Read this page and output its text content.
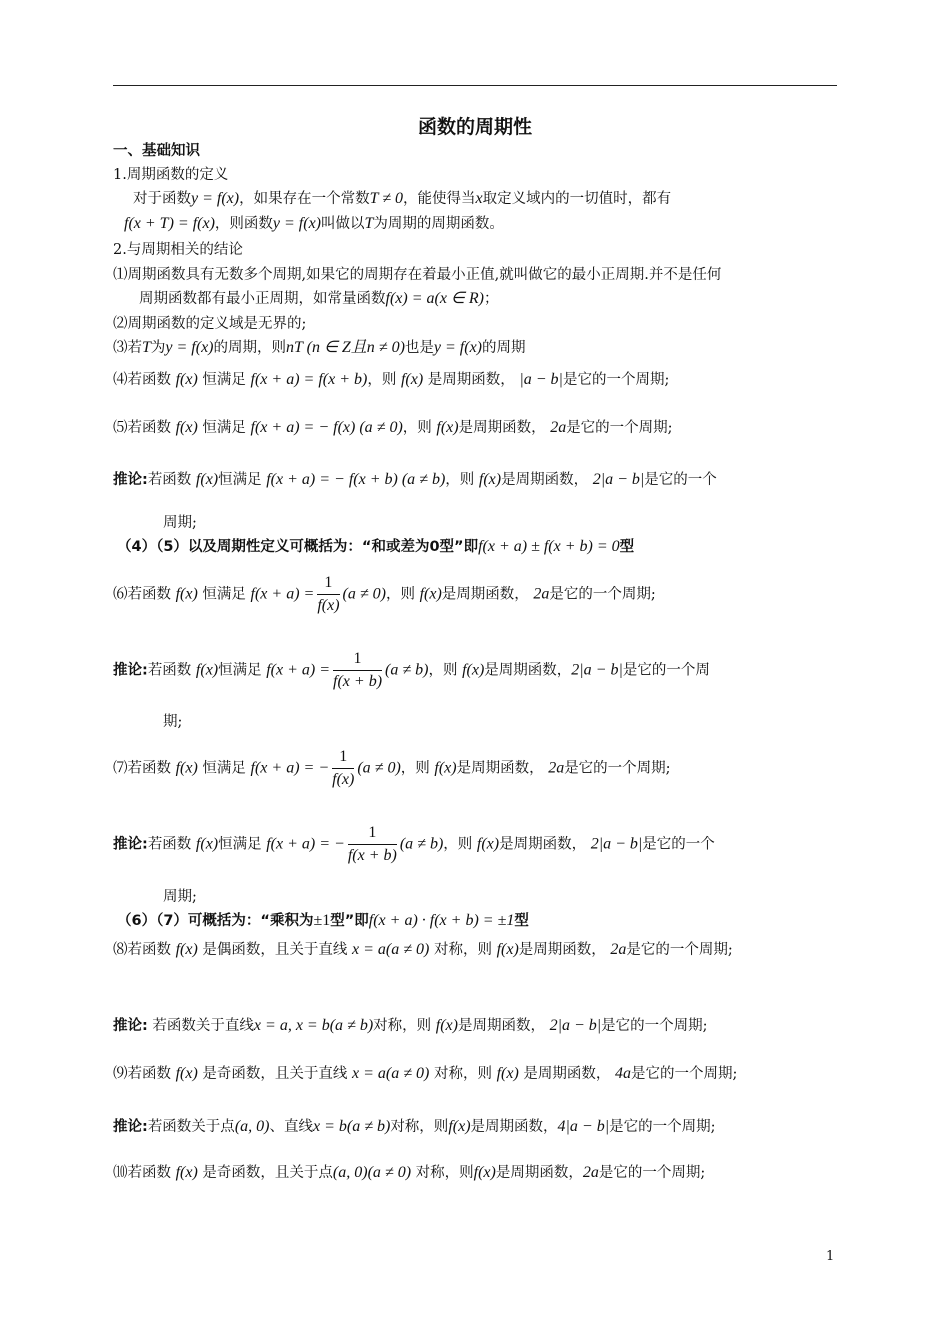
函数的周期性
一、基础知识
1.周期函数的定义
对于函数y = f(x)，如果存在一个常数T ≠ 0，能使得当x取定义域内的一切值时，都有
f(x + T) = f(x)，则函数y = f(x)叫做以T为周期的周期函数。
2.与周期相关的结论
⑴周期函数具有无数多个周期,如果它的周期存在着最小正值,就叫做它的最小正周期.并不是任何
周期函数都有最小正周期，如常量函数f(x) = a(x ∈ R)；
⑵周期函数的定义域是无界的;
⑶若T为y = f(x)的周期，则nT (n ∈ Z且n ≠ 0)也是y = f(x)的周期
⑷若函数 f(x) 恒满足 f(x + a) = f(x + b)，则 f(x) 是周期函数， |a − b|是它的一个周期;
⑸若函数 f(x) 恒满足 f(x + a) = − f(x) (a ≠ 0)，则 f(x)是周期函数， 2a是它的一个周期;
推论:若函数 f(x)恒满足 f(x + a) = − f(x + b) (a ≠ b)，则 f(x)是周期函数， 2|a − b|是它的一个
周期;
（4）（5）以及周期性定义可概括为：“和或差为0型”即f(x + a) ± f(x + b) = 0型
⑹若函数 f(x) 恒满足 $f(x + a) = \frac{1}{f(x)} (a \ne 0)$，则 f(x)是周期函数， 2a是它的一个周期;
推论:若函数 f(x)恒满足 $f(x + a) = \frac{1}{f(x + b)} (a \ne b)$，则 f(x)是周期函数，2|a − b|是它的一个周
期;
⑺若函数 f(x) 恒满足 f(x + a) = − $\frac{1}{f(x)} (a \ne 0)$，则 f(x)是周期函数， 2a是它的一个周期;
推论:若函数 f(x)恒满足 f(x + a) = − $\frac{1}{f(x + b)} (a \ne b)$，则 f(x)是周期函数， 2|a − b|是它的一个
周期;
（6）（7）可概括为：“乘积为±1型”即f(x + a) · f(x + b) = ±1型
⑻若函数 f(x) 是偶函数，且关于直线 x = a(a ≠ 0) 对称，则 f(x)是周期函数， 2a是它的一个周期;
推论: 若函数关于直线x = a, x = b(a ≠ b)对称，则 f(x)是周期函数， 2|a − b|是它的一个周期;
⑼若函数 f(x) 是奇函数，且关于直线 x = a(a ≠ 0) 对称，则 f(x) 是周期函数， 4a是它的一个周期;
推论:若函数关于点(a, 0)、直线x = b(a ≠ b)对称，则f(x)是周期函数，4|a − b|是它的一个周期;
⑽若函数 f(x) 是奇函数，且关于点(a, 0)(a ≠ 0) 对称，则f(x)是周期函数，2a是它的一个周期;
1
